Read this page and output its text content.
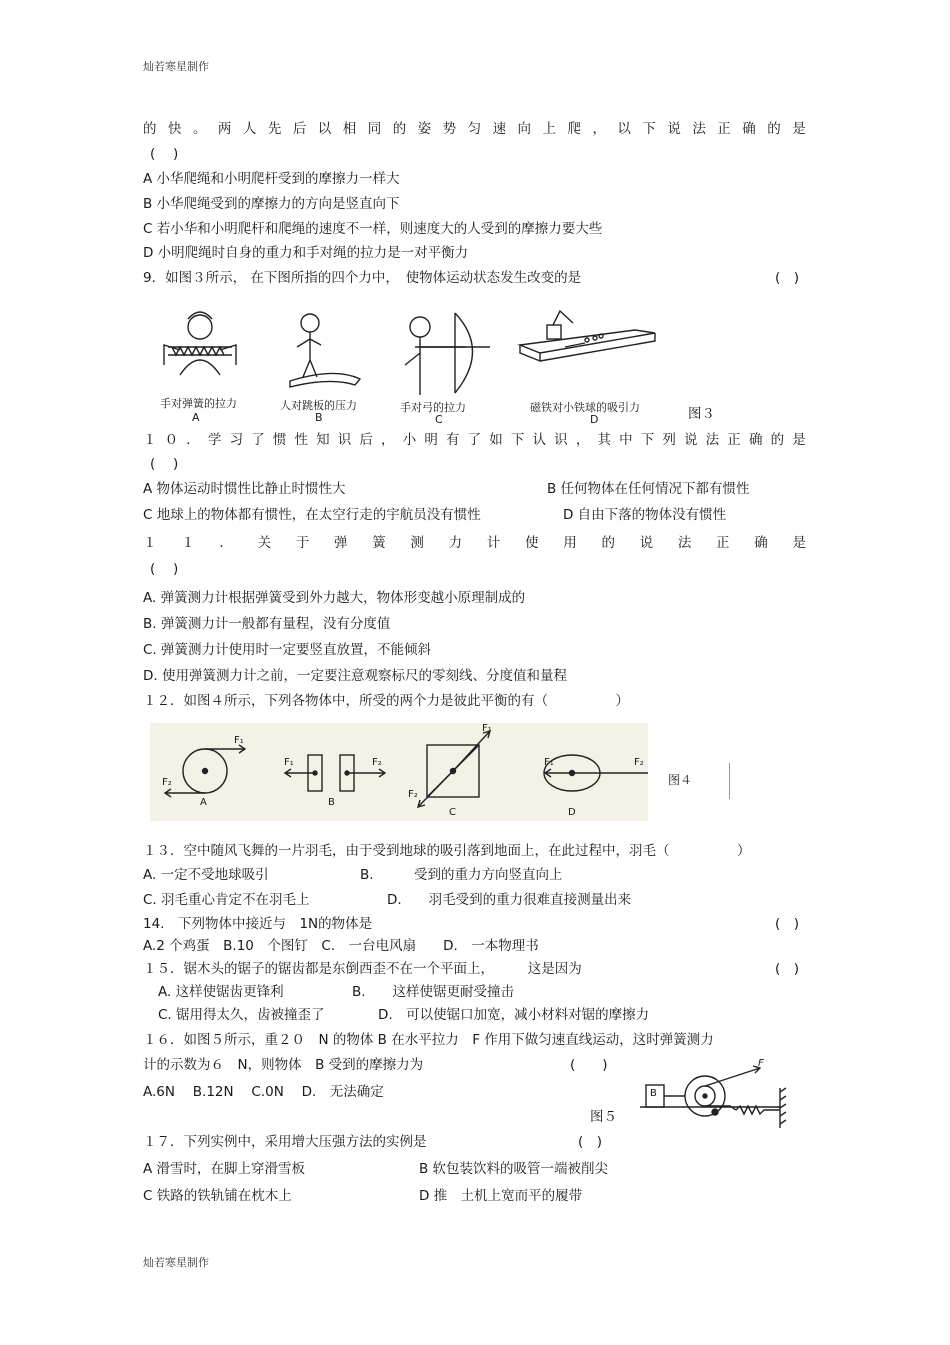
灿若寒星制作
灿若寒星制作
的 快 。 两 人 先 后 以 相 同 的 姿 势 匀 速 向 上 爬 ， 以 下 说 法 正 确 的 是
(　 )
A 小华爬绳和小明爬杆受到的摩擦力一样大
B 小华爬绳受到的摩擦力的方向是竖直向下
C 若小华和小明爬杆和爬绳的速度不一样，则速度大的人受到的摩擦力要大些
D 小明爬绳时自身的重力和手对绳的拉力是一对平衡力
9．如图３所示， 在下图所指的四个力中，　使物体运动状态发生改变的是	(　)
手对弹簧的拉力
A
人对跳板的压力
B
手对弓的拉力
C
磁铁对小铁球的吸引力
D	图３
１ ０ ． 学 习 了 惯 性 知 识 后 ， 小 明 有 了 如 下 认 识 ， 其 中 下 列 说 法 正 确 的 是
(　 )
A 物体运动时惯性比静止时惯性大	B 任何物体在任何情况下都有惯性
C 地球上的物体都有惯性，在太空行走的宇航员没有惯性	D 自由下落的物体没有惯性
１ １ ． 关 于 弹 簧 测 力 计 使 用 的 说 法 正 确 是
(　 )
A. 弹簧测力计根据弹簧受到外力越大，物体形变越小原理制成的
B. 弹簧测力计一般都有量程，没有分度值
C. 弹簧测力计使用时一定要竖直放置，不能倾斜
D. 使用弹簧测力计之前，一定要注意观察标尺的零刻线、分度值和量程
１２．如图４所示，下列各物体中，所受的两个力是彼此平衡的有（　　　　　）
A	B
C	D
F₁
F₂
F₁	F₂
F₁
F₂
F₁	F₂
图４
１３．空中随风飞舞的一片羽毛，由于受到地球的吸引落到地面上，在此过程中，羽毛（　　　　　）
A. 一定不受地球吸引	B.　　　受到的重力方向竖直向上
C. 羽毛重心肯定不在羽毛上	D.　　羽毛受到的重力很难直接测量出来
14.　下列物体中接近与　1N的物体是	(　)
A.2 个鸡蛋　B.10　个图钉　C.　一台电风扇　　D.　一本物理书
１５．锯木头的锯子的锯齿都是东倒西歪不在一个平面上，　　　这是因为	(　)
A. 这样使锯齿更锋利	B.　　这样使锯更耐受撞击
C. 锯用得太久，齿被撞歪了	D.　可以使锯口加宽，减小材料对锯的摩擦力
１６．如图５所示，重２０　N 的物体 B 在水平拉力　F 作用下做匀速直线运动，这时弹簧测力
计的示数为６　N，则物体　B 受到的摩擦力为	(　　)
A.6N　 B.12N　 C.0N　 D.　无法确定	B
F
图５
１７．下列实例中，采用增大压强方法的实例是	(　)
A 滑雪时，在脚上穿滑雪板	B 软包装饮料的吸管一端被削尖
C 铁路的铁轨铺在枕木上	D 推　土机上宽而平的履带
